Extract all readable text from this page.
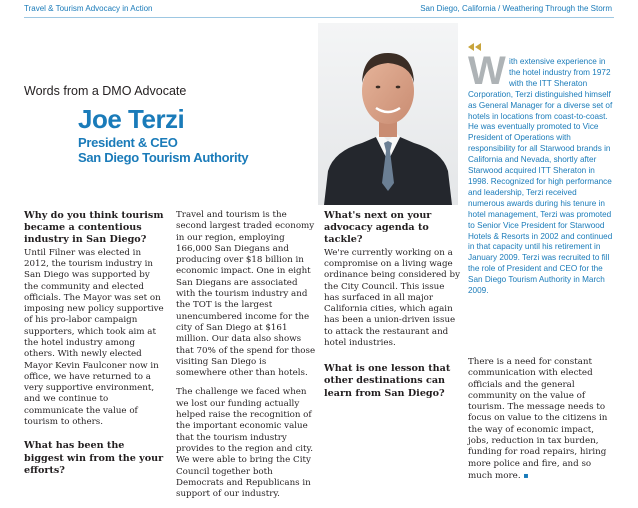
Travel & Tourism Advocacy in Action	San Diego, California / Weathering Through the Storm
Words from a DMO Advocate
Joe Terzi
President & CEO
San Diego Tourism Authority
Why do you think tourism became a contentious industry in San Diego?

Until Filner was elected in 2012, the tourism industry in San Diego was supported by the community and elected officials. The Mayor was set on imposing new policy supportive of his pro-labor campaign supporters, which took aim at the hotel industry among others. With newly elected Mayor Kevin Faulconer now in office, we have returned to a very supportive environment, and we continue to communicate the value of tourism to others.

What has been the biggest win from the your efforts?

Travel and tourism is the second largest traded economy in our region, employing 166,000 San Diegans and producing over $18 billion in economic impact. One in eight San Diegans are associated with the tourism industry and the TOT is the largest unencumbered income for the city of San Diego at $161 million. Our data also shows that 70% of the spend for those visiting San Diego is somewhere other than hotels.

The challenge we faced when we lost our funding actually helped raise the recognition of the important economic value that the tourism industry provides to the region and city. We were able to bring the City Council together both Democrats and Republicans in support of our industry.

What's next on your advocacy agenda to tackle?

We're currently working on a compromise on a living wage ordinance being considered by the City Council. This issue has surfaced in all major California cities, which again has been a union-driven issue to attack the restaurant and hotel industries.

What is one lesson that other destinations can learn from San Diego?
W ith extensive experience in the hotel industry from 1972 with the ITT Sheraton
Corporation, Terzi distinguished himself as General Manager for a diverse set of hotels in locations from coast-to-coast. He was eventually promoted to Vice President of Operations with responsibility for all Starwood brands in California and Nevada, shortly after Starwood acquired ITT Sheraton in 1998. Recognized for high performance and leadership, Terzi received numerous awards during his tenure in hotel management, Terzi was promoted to Senior Vice President for Starwood Hotels & Resorts in 2002 and continued in that capacity until his retirement in January 2009. Terzi was recruited to fill the role of President and CEO for the San Diego Tourism Authority in March 2009.
There is a need for constant communication with elected officials and the general community on the value of tourism. The message needs to focus on value to the citizens in the way of economic impact, jobs, reduction in tax burden, funding for road repairs, hiring more police and fire, and so much more. ▪
